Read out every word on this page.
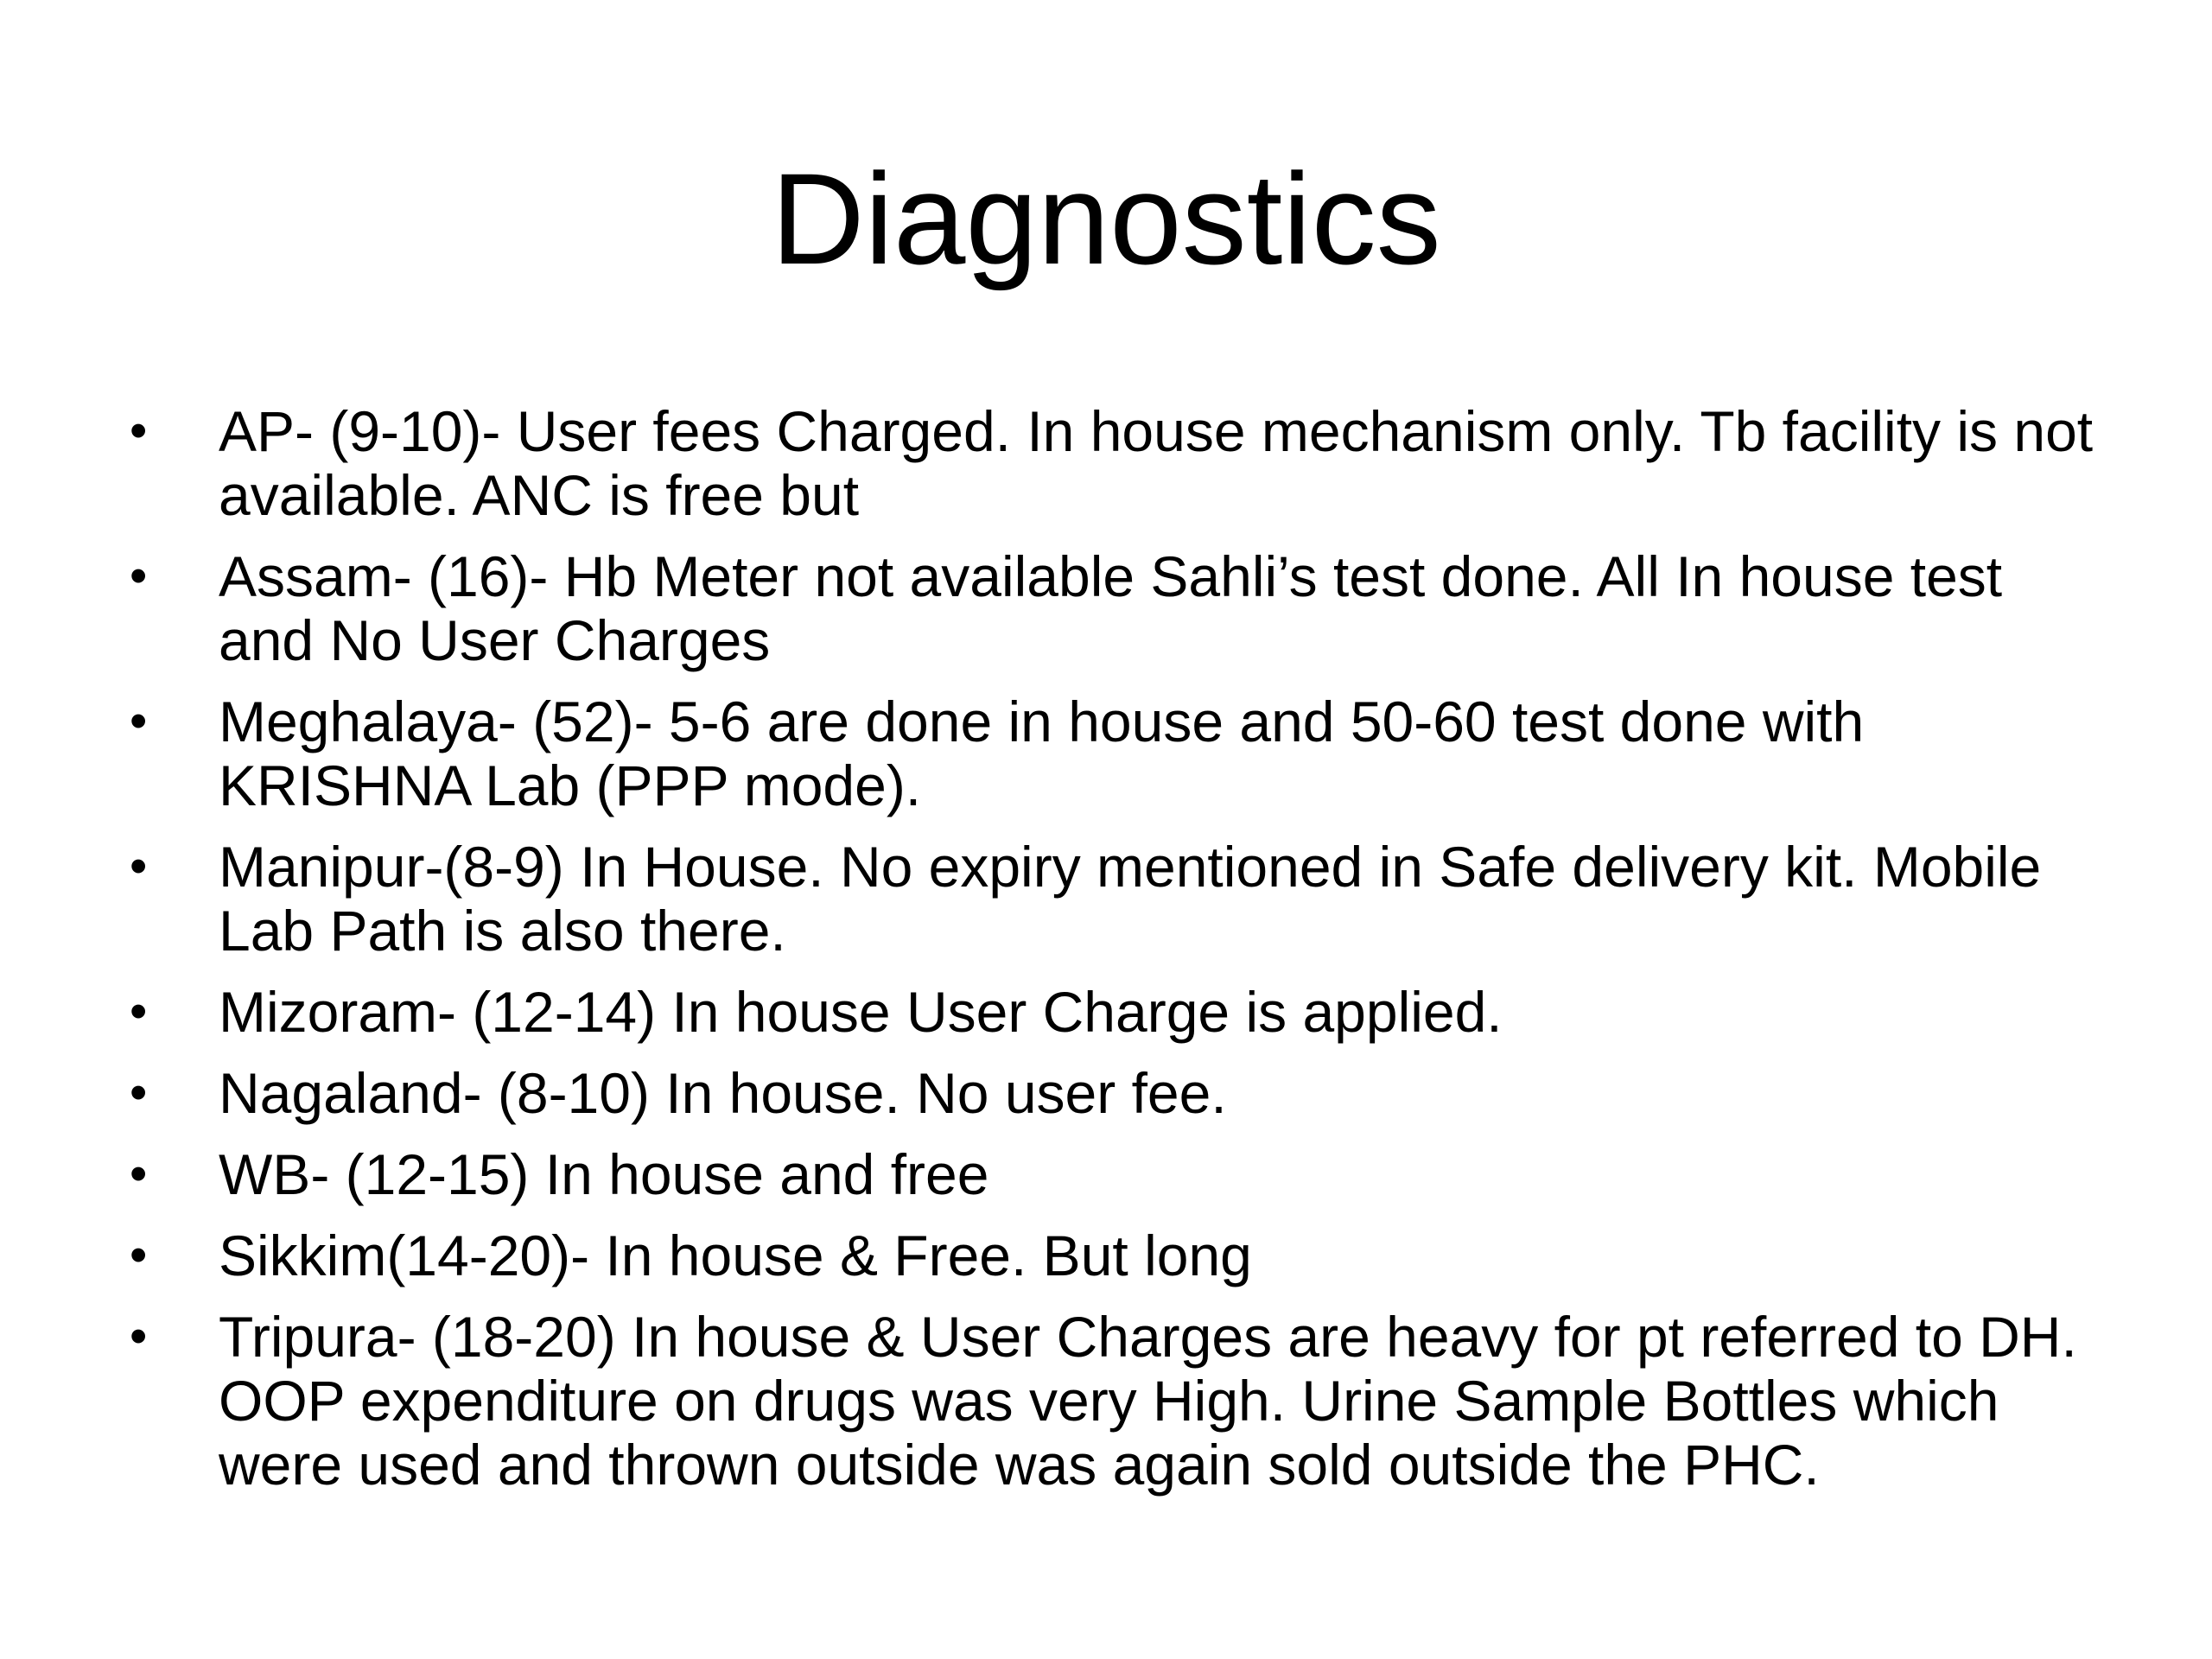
Diagnostics
• AP- (9-10)- User fees Charged. In house mechanism only. Tb facility is not available. ANC is free but
• Assam- (16)- Hb Meter not available Sahli’s test done. All In house test and No User Charges
• Meghalaya- (52)- 5-6 are done in house and 50-60 test done with KRISHNA Lab (PPP mode).
• Manipur-(8-9) In House. No expiry mentioned in Safe delivery kit. Mobile Lab Path is also there.
• Mizoram- (12-14) In house User Charge is applied.
• Nagaland- (8-10) In house. No user fee.
• WB- (12-15) In house and free
• Sikkim(14-20)- In house & Free. But long
• Tripura- (18-20) In house & User Charges are heavy for pt referred to DH. OOP expenditure on drugs was very High. Urine Sample Bottles which were used and thrown outside was again sold outside the PHC.
